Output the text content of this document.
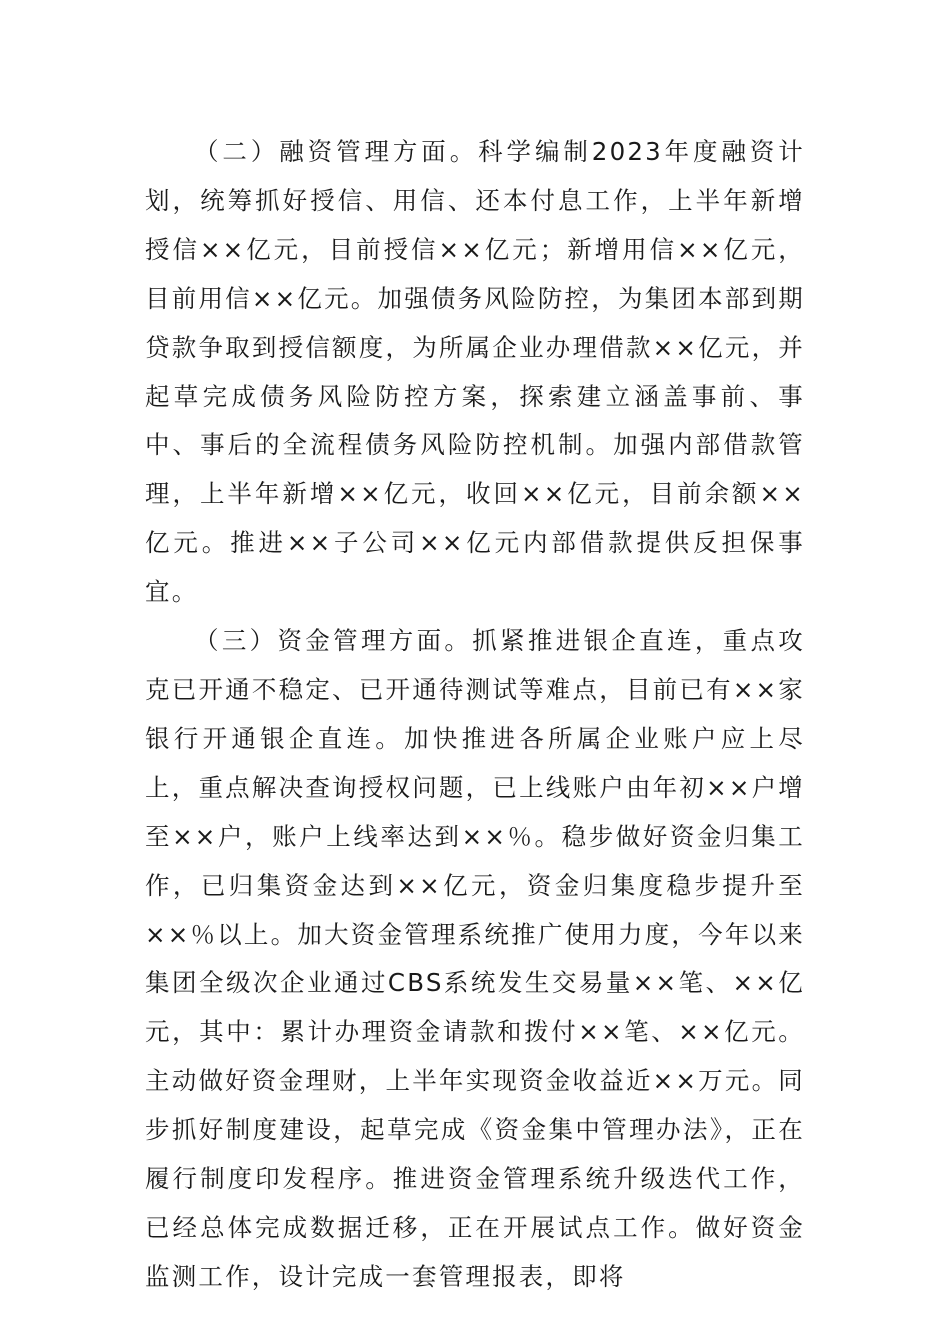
（二）融资管理方面。科学编制2023年度融资计划，统筹抓好授信、用信、还本付息工作，上半年新增授信××亿元，目前授信××亿元；新增用信××亿元，目前用信××亿元。加强债务风险防控，为集团本部到期贷款争取到授信额度，为所属企业办理借款××亿元，并起草完成债务风险防控方案，探索建立涵盖事前、事中、事后的全流程债务风险防控机制。加强内部借款管理，上半年新增××亿元，收回××亿元，目前余额××亿元。推进××子公司××亿元内部借款提供反担保事宜。

（三）资金管理方面。抓紧推进银企直连，重点攻克已开通不稳定、已开通待测试等难点，目前已有××家银行开通银企直连。加快推进各所属企业账户应上尽上，重点解决查询授权问题，已上线账户由年初××户增至××户，账户上线率达到××％。稳步做好资金归集工作，已归集资金达到××亿元，资金归集度稳步提升至××％以上。加大资金管理系统推广使用力度，今年以来集团全级次企业通过CBS系统发生交易量××笔、××亿元，其中：累计办理资金请款和拨付××笔、××亿元。主动做好资金理财，上半年实现资金收益近××万元。同步抓好制度建设，起草完成《资金集中管理办法》，正在履行制度印发程序。推进资金管理系统升级迭代工作，已经总体完成数据迁移，正在开展试点工作。做好资金监测工作，设计完成一套管理报表，即将
